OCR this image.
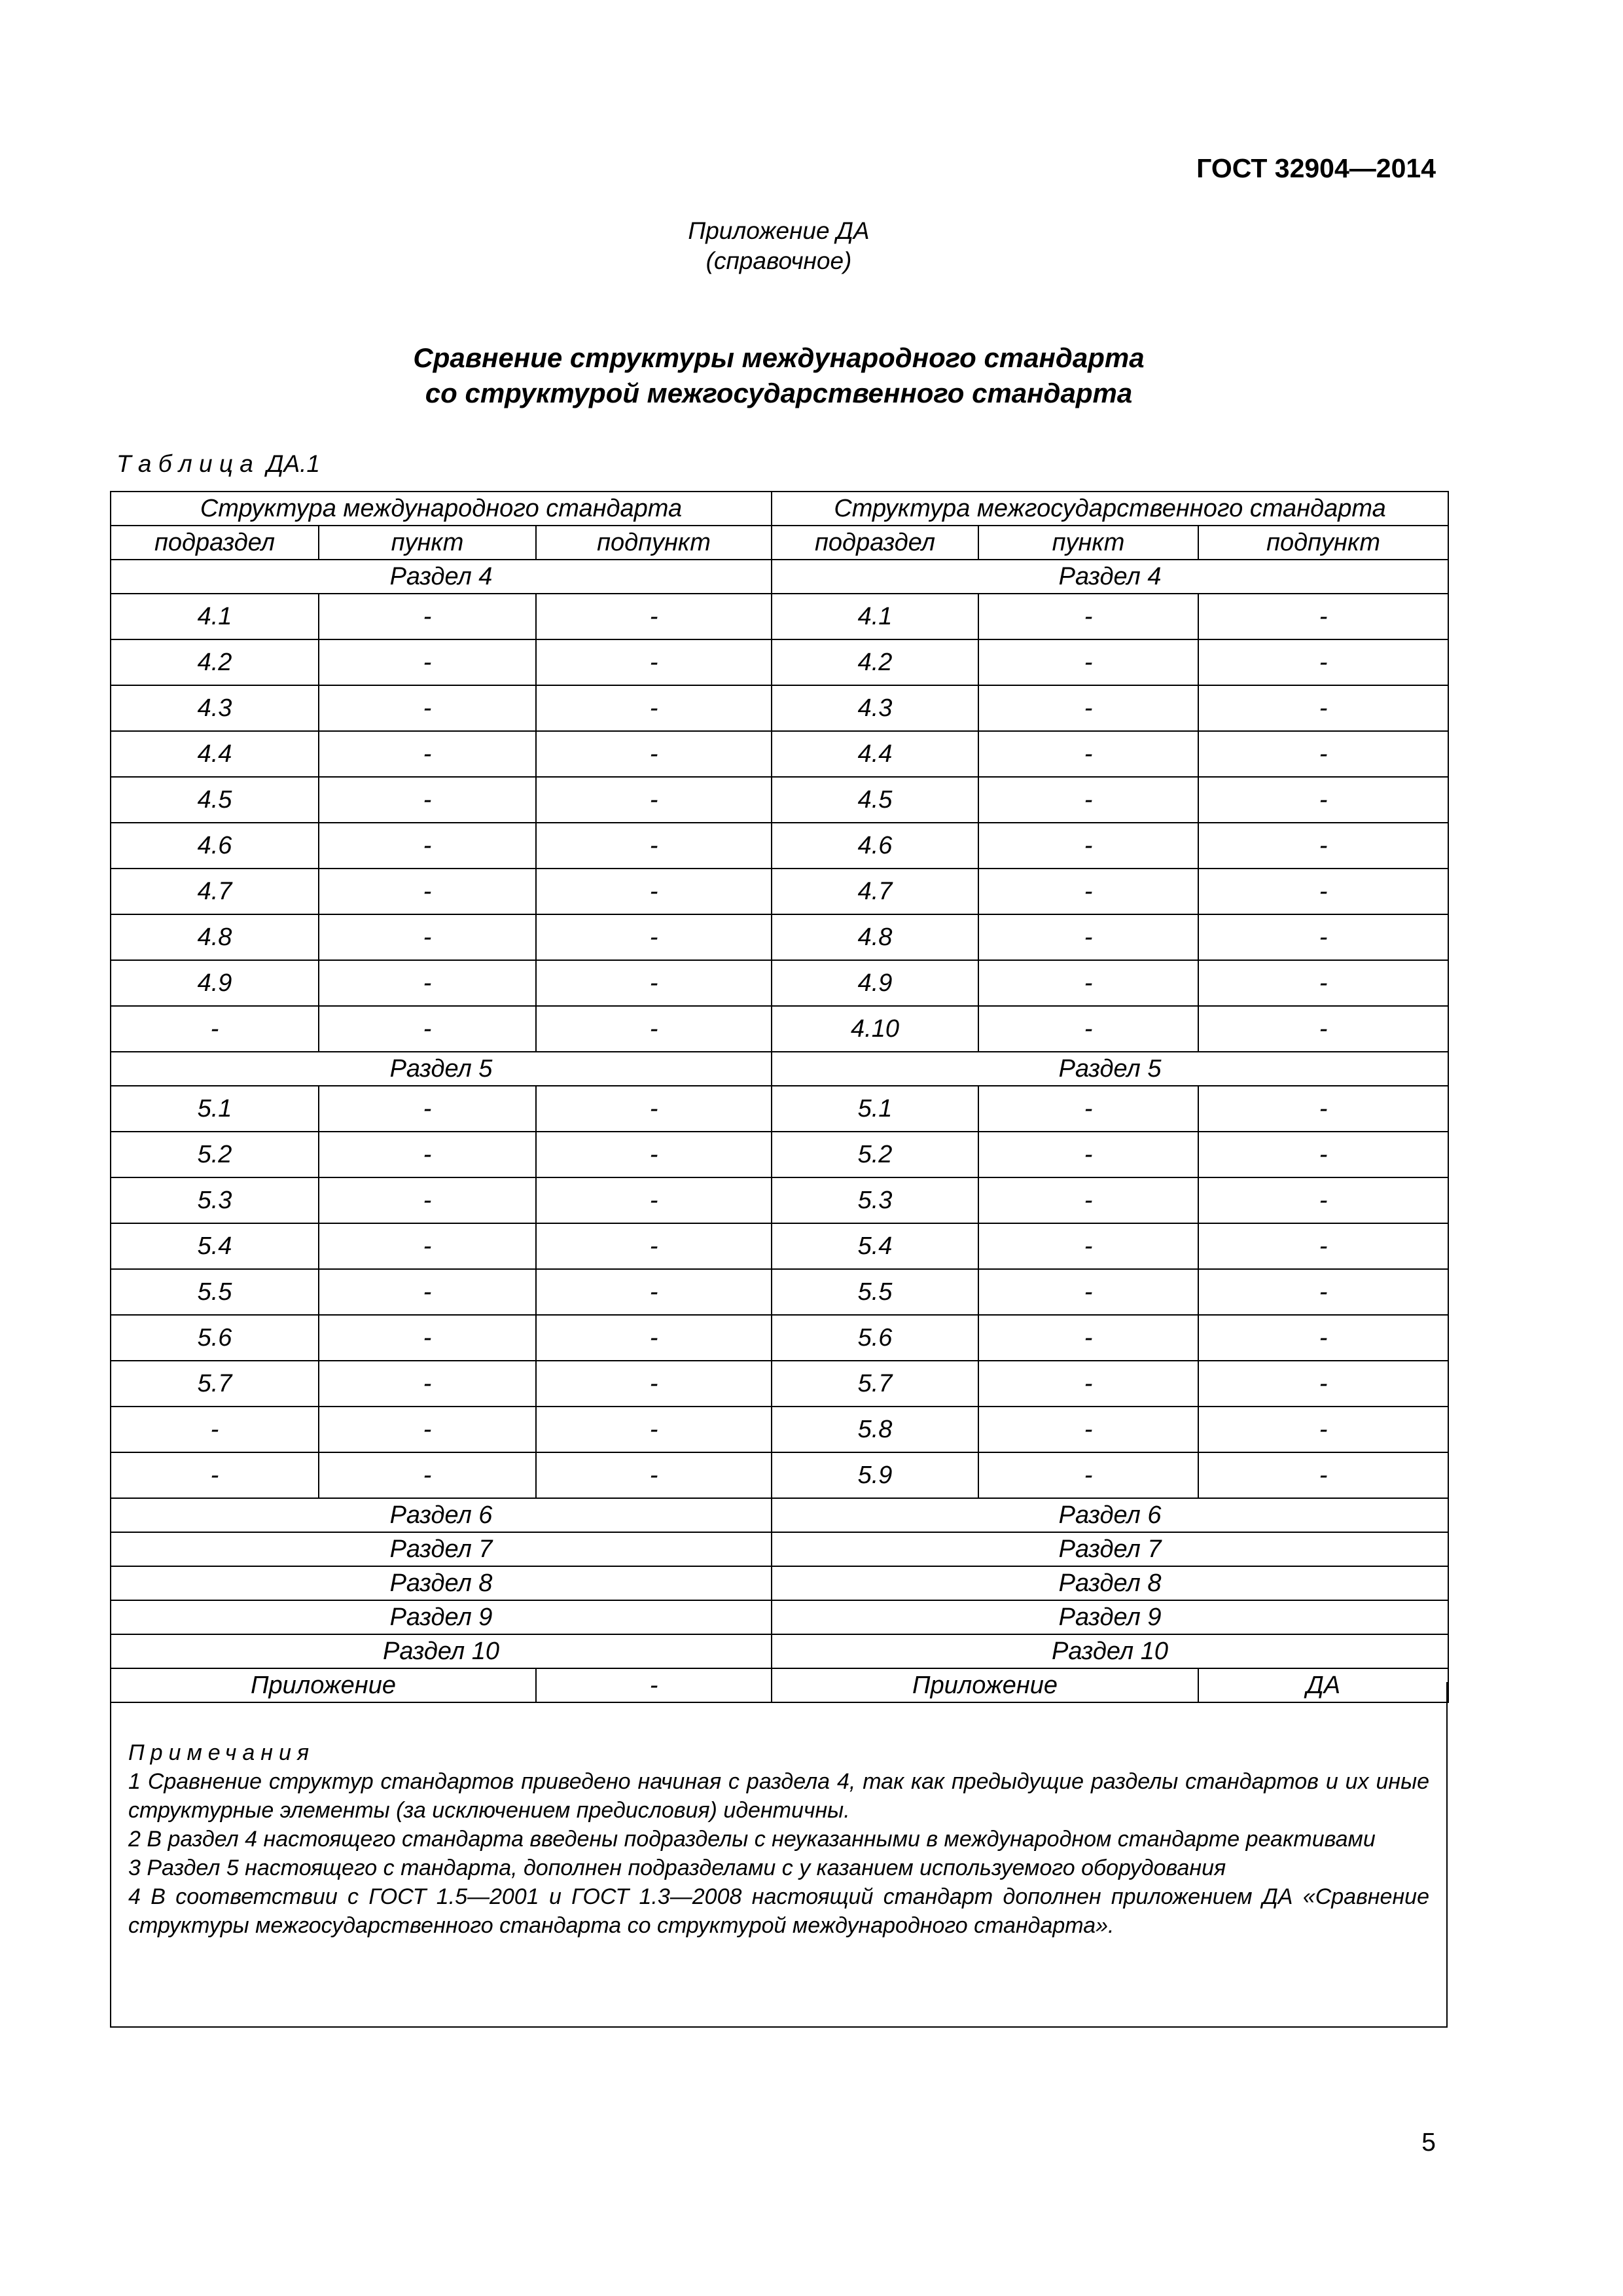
ГОСТ 32904—2014
Приложение ДА
(справочное)
Сравнение структуры международного стандарта
со структурой межгосударственного стандарта
Т а б л и ц а  ДА.1
Структура международного стандарта			Структура межгосударственного стандарта		
подраздел	пункт	подпункт	подраздел	пункт	подпункт
Раздел 4			Раздел 4		
4.1	-	-	4.1	-	-
4.2	-	-	4.2	-	-
4.3	-	-	4.3	-	-
4.4	-	-	4.4	-	-
4.5	-	-	4.5	-	-
4.6	-	-	4.6	-	-
4.7	-	-	4.7	-	-
4.8	-	-	4.8	-	-
4.9	-	-	4.9	-	-
-	-	-	4.10	-	-
Раздел 5			Раздел 5		
5.1	-	-	5.1	-	-
5.2	-	-	5.2	-	-
5.3	-	-	5.3	-	-
5.4	-	-	5.4	-	-
5.5	-	-	5.5	-	-
5.6	-	-	5.6	-	-
5.7	-	-	5.7	-	-
-	-	-	5.8	-	-
-	-	-	5.9	-	-
Раздел 6			Раздел 6		
Раздел 7			Раздел 7		
Раздел 8			Раздел 8		
Раздел 9			Раздел 9		
Раздел 10			Раздел 10		
Приложение		-	Приложение		ДА

Примечания

1 Сравнение структур стандартов приведено начиная с раздела 4, так как предыдущие разделы стандартов и их иные структурные элементы (за исключением предисловия) идентичны.

2 В раздел 4 настоящего стандарта введены подразделы с неуказанными в международном стандарте реактивами

3 Раздел 5 настоящего с тандарта, дополнен подразделами с у казанием используемого оборудования

4 В соответствии с ГОСТ 1.5—2001 и ГОСТ 1.3—2008 настоящий стандарт дополнен приложением ДА «Сравнение структуры межгосударственного стандарта со структурой международного стандарта».

5
